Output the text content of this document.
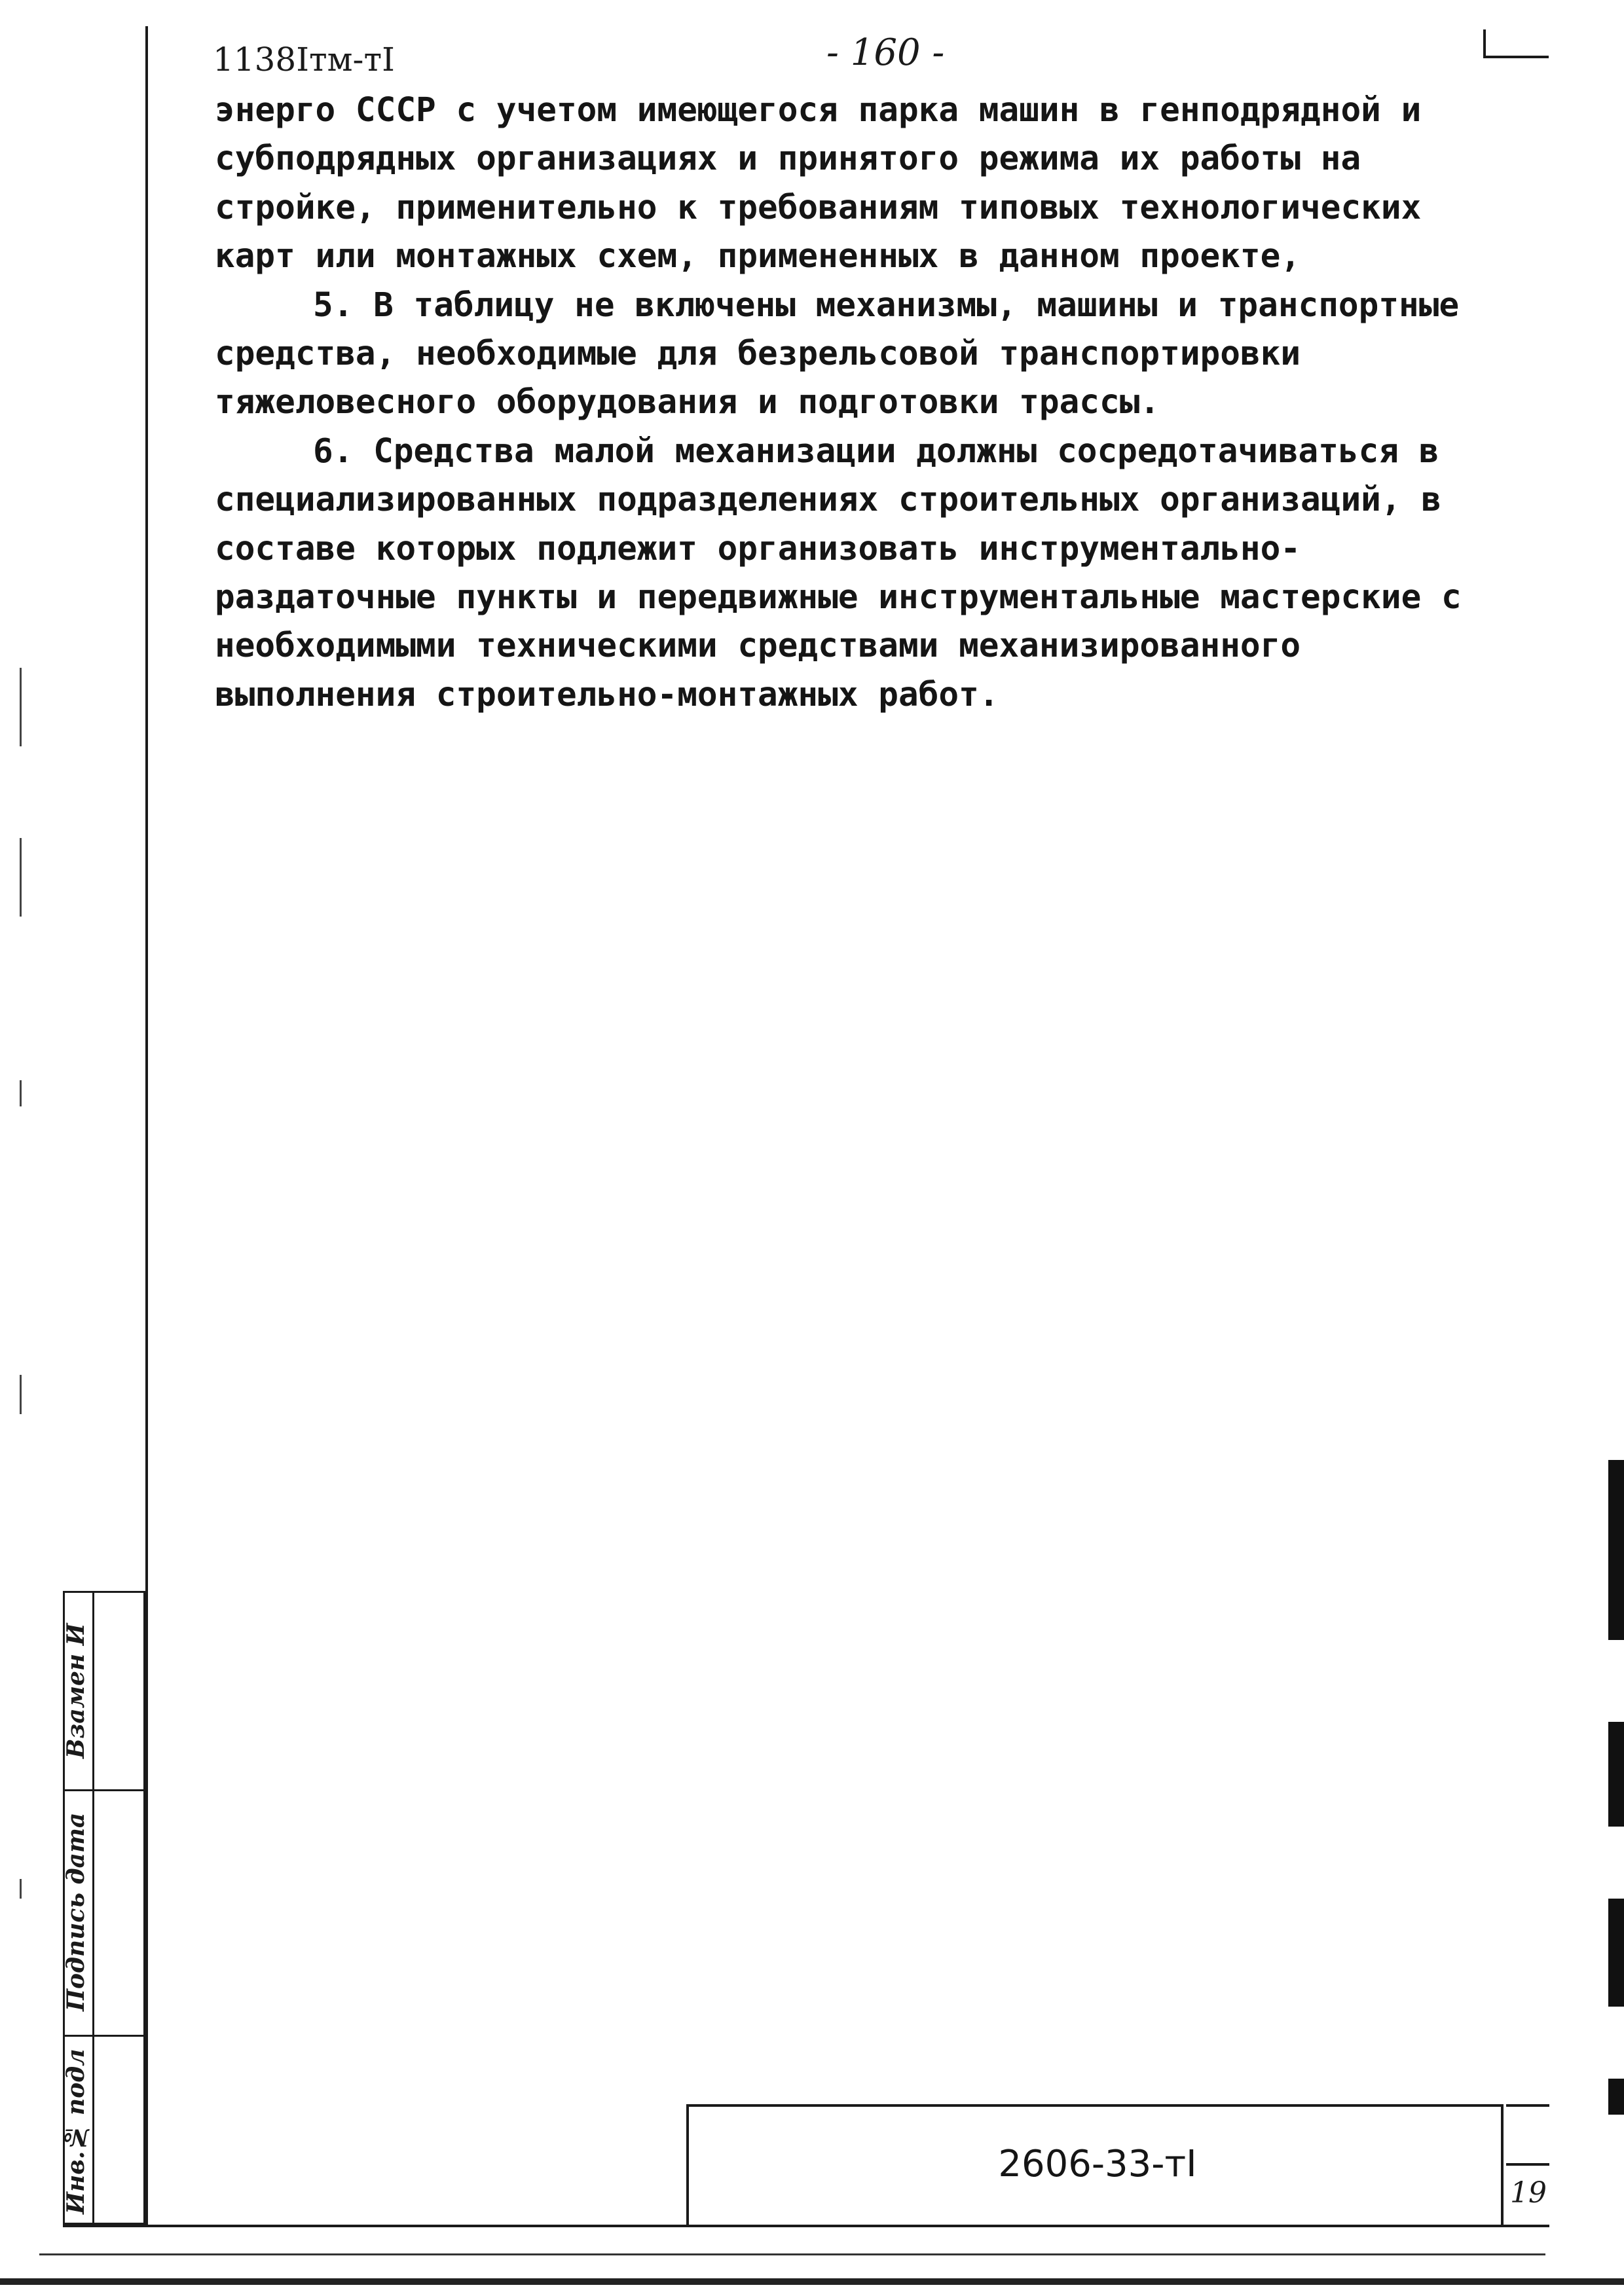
1138Iтм-тI	- 160 -

энерго СССР с учетом имеющегося парка машин в генподрядной и субподрядных организациях и принятого режима их работы на стройке, применительно к требованиям типовых технологических карт или монтажных схем, примененных в данном проекте,

5. В таблицу не включены механизмы, машины и транспортные средства, необходимые для безрельсовой транспортировки тяжеловесного оборудования и подготовки трассы.

6. Средства малой механизации должны сосредотачиваться в специализированных подразделениях строительных организаций, в составе которых подлежит организовать инструментально-раздаточные пункты и передвижные инструментальные мастерские с необходимыми техническими средствами механизированного выполнения строительно-монтажных работ.

Взамен И
Подпись дата
Инв.№ подл	2606-33-тI
19
